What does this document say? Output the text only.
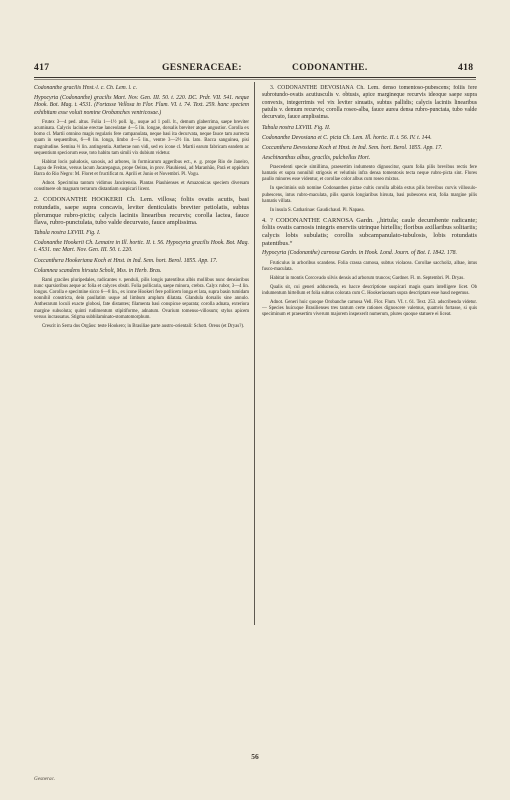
417	GESNERACEAE:	CODONANTHE.	418

Codonanthe gracilis Hnst.·l. c. Ch. Lem. l. c.

Hypocyrta (Codonanthe) gracilis Mart. Nov. Gen. III. 50. t. 220. DC. Prdr. VII. 541. neque Hook. Bot. Mag. t. 4531. (Fortasse Vellosa in Flor. Flum. VI. t. 74. Text. 259. hanc speciem exhibitam esse voluit nomine Orobanches ventricosae.)

Frutex 3—4 ped. altus. Folia 1—1½ poll. lg., usque ad 1 poll. lt., demum glaberrima, saepe breviter acuminata. Calycis laciniae erectae lanceolatae 4—5 lin. longae, dorsalis breviter atque angustior. Corolla ex bomo cl. Martii omnino magis regularis fere campanulata, neque basi ita decurvata, neque fauce tam aurrecta quam in sequentibus, 6—8 lin. longa, limbo 4—5 lin., ventre 3—2½ lin. lato. Bacca sanguinea, pisi magnitudine. Semina ⅓ lin. antingentia. Antherae non vidi, sed ex icone cl. Martii earum fabricam eandem ac sequentium speciorum esse, toto habitu tam simili vix dubium videtur.

Habitat locis paludosis, saxosis, ad arbores, in formicarum aggeribus ect., e. g. prope Rio de Janeiro, Lagoa de Freitas, versus lacum Jacarepagua, prope Oeiras, in prov. Piauhiensi, ad Maranhão, Pará et oppidum Barra do Rio Negro: M. Floret et fructificat m. Aprili et Junio et Novembri. Pl. Vogu.

Adnot. Specimina tantum vidimus Jancirensia. Plantas Piauhienses et Amazonicas speciem diversam constituere ob magnam terrarum distantiam suspicari licent.

2. CODONANTHE HOOKERII Ch. Lem. villosa; foliis ovatis acutis, basi rotundatis, saepe supra concavis, leviter denticulatis breviter petiolatis, subtus plerumque rubro-pictis; calycis laciniis linearibus recurvis; corolla lactea, fauce flava, rubro-punctulata, tubo valde decurvato, fauce amplissima.

Tabula nostra LXVIII. Fig. I.

Codonanthe Hookerii Ch. Lemaire in Ill. hortic. II. t. 56. Hypocyrta gracilis Hook. Bot. Mag. t. 4531. nec Mart. Nov. Gen. III. 50. t. 220.

Coccanthera Hookeriana Koch et Hnst. in Ind. Sem. hort. Berol. 1855. App. 17.

Columnea scandens hirsuta Scholt, Mss. in Herb. Bras.

Rami graciles pluripedales, radicantes v. penduli, pilis longis patentibus albis mollibus nunc densioribus nunc sparsioribus aeque ac folia et calyces obsiti. Folia pollicaria, saepe minora, crebra. Calyx rubor, 3—4 lin. longus. Corolla e specimine sicco 6—8 lin., ex icone Hookeri fere pollicem longa et lata, supra basin tumidam nonnihil constricta, dein paullatim usque ad limbum amplum dilatata. Glandula dorsalis sine annulo. Antherarum loculi exacte globosi, fate distantes; filamenta basi conspicue separata; corolla adnata, exteriora margine subsoluta; quinti rudimentum stipitiforme, adnatum. Ovarium tomenso-villosum; stylus apicem versus incrassatus. Stigma subbilaminato-stomatomorphum.

Crescit in Serra dos Orgãos: teste Hookero; in Brasiliae parte austro-orientali: Schott. Oreus (et Dryas?).

3. CODONANTHE DEVOSIANA Ch. Lem. denso tomentoso-pubescens; foliis fere subrotundo-ovatis acutiusculis v. obtusis, apice margineque recurvis ideoque saepe supra convexis, integerrimis vel vix leviter sinuatis, subtus pallidis; calycis laciniis linearibus patulis v. demum recurvis; corolla roseo-alba, fauce aurea densa rubro-punctata, tubo valde decurvato, fauce amplissima.

Tabula nostra LXVIII. Fig. II.

Codonanthe Devosiana et C. picta Ch. Lem. Ill. hortic. II. t. 56. IV. t. 144.

Coccanthera Devosiana Koch et Hnst. in Ind. Sem. hort. Berol. 1855. App. 17.

Aeschinanthus albus, gracilis, pulchellus Hort.

Praecedenti specie simillima, praesertim indumento dignoscitur, quam folia pilis brevibus rectis fere hamatis et supra nonnihil strigosis et velutinis infra densa tomentosis tecta neque rubro-picta sint. Flores paullo minores esse videntur, et corollae color albus cum roseo mixtus.

In speciminis sub nomine Codonanthes pictae cultis corolla albida extus pilis brevibus curvis villosulo-pubescens, intus rubro-maculata, pilis sparsis longiaribus hirsuta, basi pubescens erat, folia margine pilis hamatis villata.

In insula S. Catharinae: Gaudichaud. Pl. Napaea.

4. ? CODONANTHE CARNOSA Gardn. ,,hirtula; caule decumbente radicante; foliis ovatis carnosis integris enerviis utrinque hirtellis; floribus axillaribus solitariis; calycis lobis subulatis; corollis subcampanulato-tubulosis, lobis rotundatis patentibus.“

Hypocyrta (Codonanthe) carnosa Gardn. in Hook. Lond. Journ. of Bot. I. 1842. 178.

Fruticulus in arboribus scandens. Folia crassa carnosa, subtus violacea. Corollae saccholiz, albae, intus fusco-maculata.

Habitat in montis Corcovado silvis densis ad arborum truncos; Gardner. Fl. m. Septembri. Pl. Dryas.

Qualis sit, cui generi adducenda, ex hacce descriptione suspicari magis quam intelligere licet. Ob indumentum hirtellum et folia subtus colorata cum C. Hookeriaonam supra descriptam esse haud negemus.

Adnot. Generi huic quoque Orobanche carnosa Vell. Flor. Flum. VI. t. 61. Text. 253. adscribenda videtur. — Species huicuque Brasilienses tres tantum certe rationes dignoscere valemus, quamvis fortasse, si quis speciminum et praesertim viverum majorem inspexerit numerum, plures quoque statuere ei liceat.

56
Gesnerac.
